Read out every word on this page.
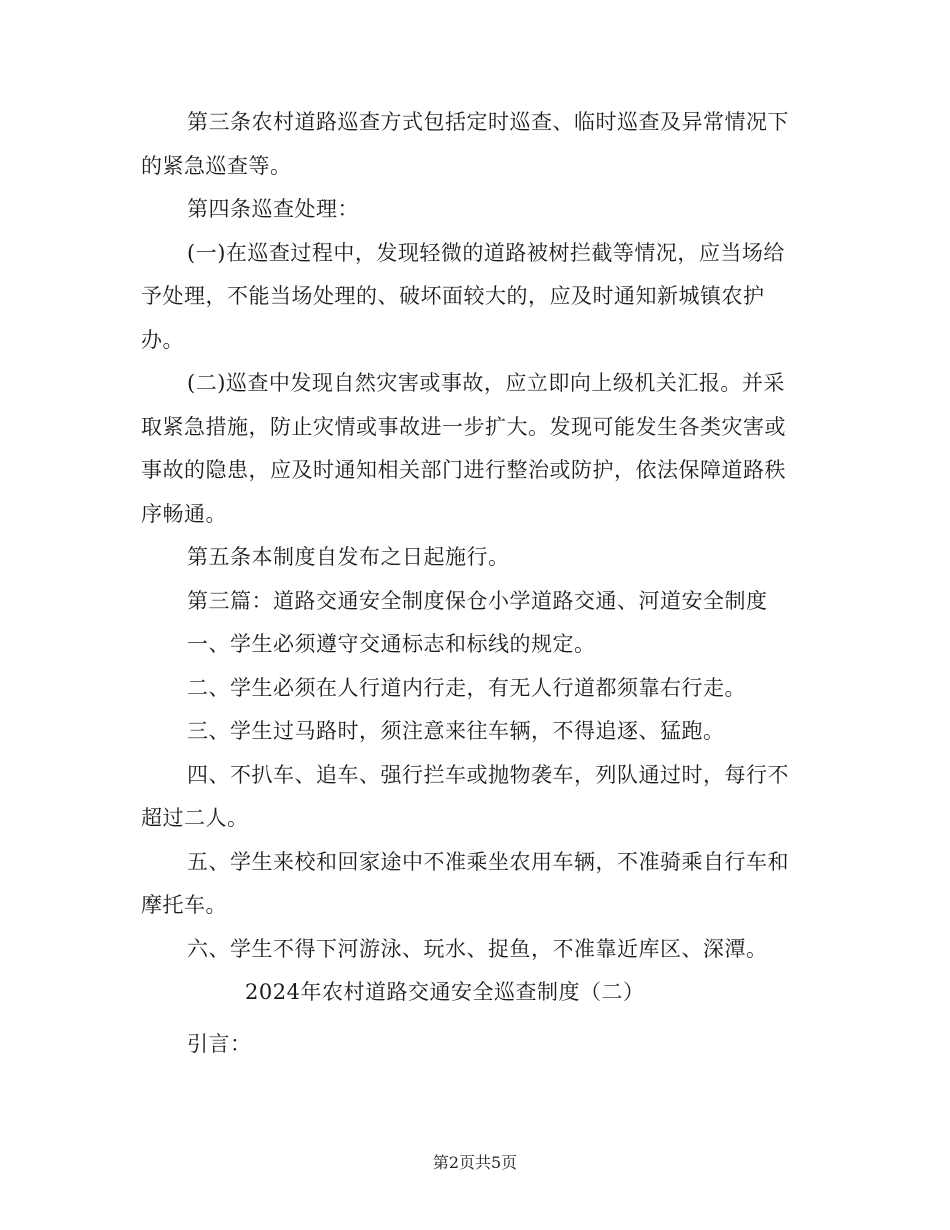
第三条农村道路巡查方式包括定时巡查、临时巡查及异常情况下的紧急巡查等。

第四条巡查处理：

(一)在巡查过程中，发现轻微的道路被树拦截等情况，应当场给予处理，不能当场处理的、破坏面较大的，应及时通知新城镇农护办。

(二)巡查中发现自然灾害或事故，应立即向上级机关汇报。并采取紧急措施，防止灾情或事故进一步扩大。发现可能发生各类灾害或事故的隐患，应及时通知相关部门进行整治或防护，依法保障道路秩序畅通。

第五条本制度自发布之日起施行。

第三篇：道路交通安全制度保仓小学道路交通、河道安全制度

一、学生必须遵守交通标志和标线的规定。

二、学生必须在人行道内行走，有无人行道都须靠右行走。

三、学生过马路时，须注意来往车辆，不得追逐、猛跑。

四、不扒车、追车、强行拦车或抛物袭车，列队通过时，每行不超过二人。

五、学生来校和回家途中不准乘坐农用车辆，不准骑乘自行车和摩托车。

六、学生不得下河游泳、玩水、捉鱼，不准靠近库区、深潭。

2024年农村道路交通安全巡查制度（二）

引言：

第2页共5页
